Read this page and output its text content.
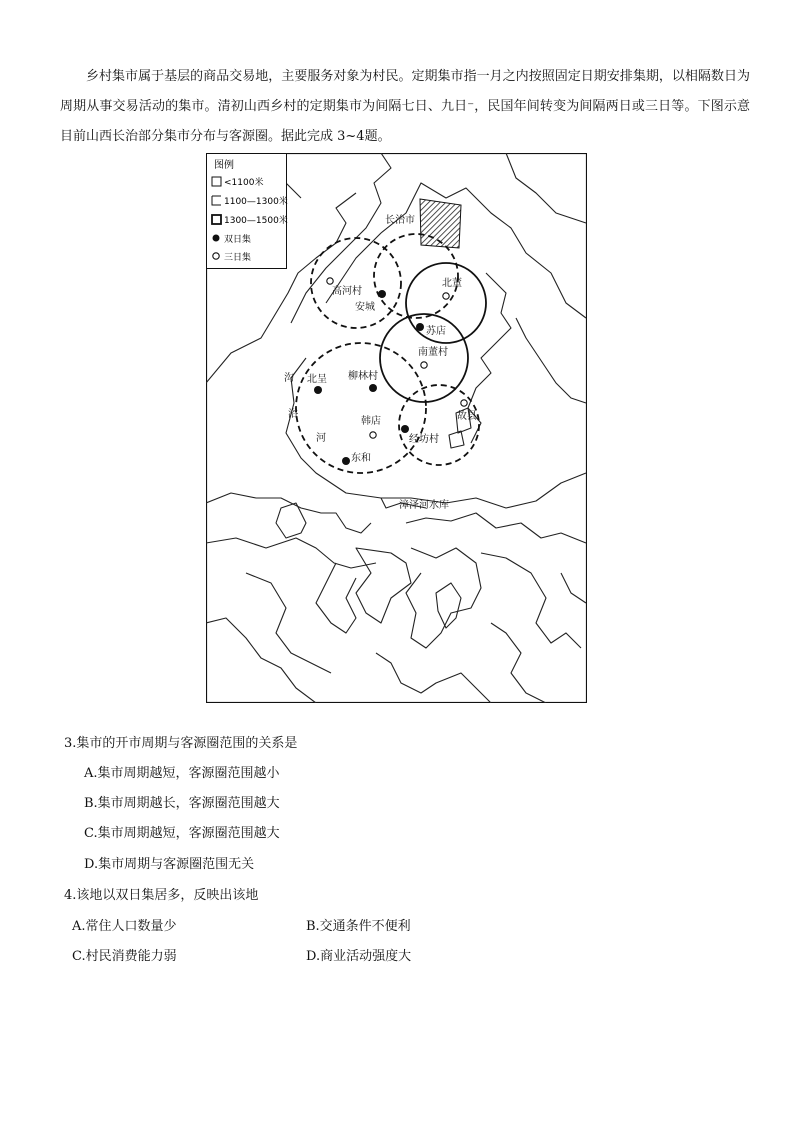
乡村集市属于基层的商品交易地，主要服务对象为村民。定期集市指一月之内按照固定日期安排集期，以相隔数日为周期从事交易活动的集市。清初山西乡村的定期集市为间隔七日、九日⁻，民国年间转变为间隔两日或三日等。下图示意目前山西长治部分集市分布与客源圈。据此完成 3~4题。
图例
<1100米
1100—1300米
1300—1500米
双日集
三日集
长治市
高河村
安城
北董
苏店
南董村
北呈 柳林村
韩店
经坊村
故县
东和
沟
浴
河
漳泽河水库
3.集市的开市周期与客源圈范围的关系是
A.集市周期越短，客源圈范围越小
B.集市周期越长，客源圈范围越大
C.集市周期越短，客源圈范围越大
D.集市周期与客源圈范围无关
4.该地以双日集居多，反映出该地
A.常住人口数量少	B.交通条件不便利
C.村民消费能力弱	D.商业活动强度大
